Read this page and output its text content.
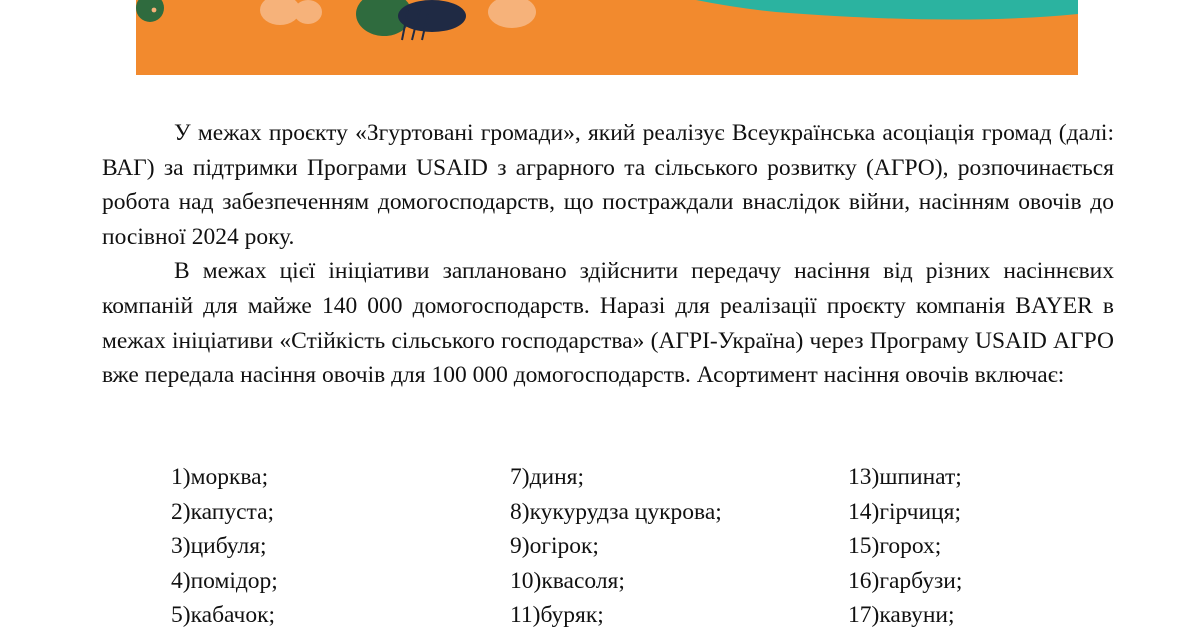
У межах проєкту «Згуртовані громади», який реалізує Всеукраїнська асоціація громад (далі: ВАГ) за підтримки Програми USAID з аграрного та сільського розвитку (АГРО), розпочинається робота над забезпеченням домогосподарств, що постраждали внаслідок війни, насінням овочів до посівної 2024 року.

В межах цієї ініціативи заплановано здійснити передачу насіння від різних насіннєвих компаній для майже 140 000 домогосподарств. Наразі для реалізації проєкту компанія BAYER в межах ініціативи «Стійкість сільського господарства» (АГРІ-Україна) через Програму USAID АГРО вже передала насіння овочів для 100 000 домогосподарств. Асортимент насіння овочів включає:

1)морква;
2)капуста;
3)цибуля;
4)помідор;
5)кабачок;
7)диня;
8)кукурудза цукрова;
9)огірок;
10)квасоля;
11)буряк;
13)шпинат;
14)гірчиця;
15)горох;
16)гарбузи;
17)кавуни;
